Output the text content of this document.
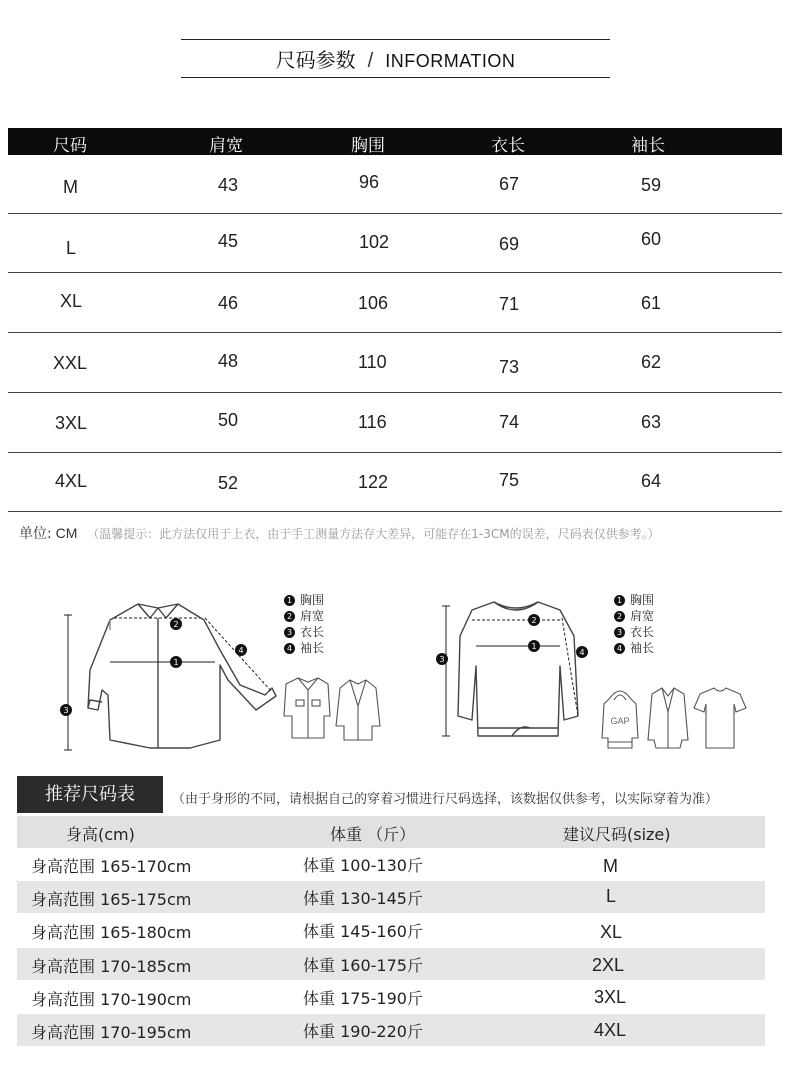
尺码参数 / INFORMATION
尺码	肩宽	胸围	衣长	袖长
M	43	96	67	59
L	45	102	69	60
XL	46	106	71	61
XXL	48	110	73	62
3XL	50	116	74	63
4XL	52	122	75	64
单位: CM （温馨提示：此方法仅用于上衣，由于手工测量方法存大差异，可能存在1-3CM的误差，尺码表仅供参考。）
1
2
3
4
1 胸围
2 肩宽
3 衣长
4 袖长	1
2
3
4
1 胸围
2 肩宽
3 衣长
4 袖长
GAP
推荐尺码表	（由于身形的不同，请根据自己的穿着习惯进行尺码选择，该数据仅供参考，以实际穿着为准）
身高(cm)	体重 （斤）	建议尺码(size)
身高范围 165-170cm	体重 100-130斤	M
身高范围 165-175cm	体重 130-145斤	L
身高范围 165-180cm	体重 145-160斤	XL
身高范围 170-185cm	体重 160-175斤	2XL
身高范围 170-190cm	体重 175-190斤	3XL
身高范围 170-195cm	体重 190-220斤	4XL
